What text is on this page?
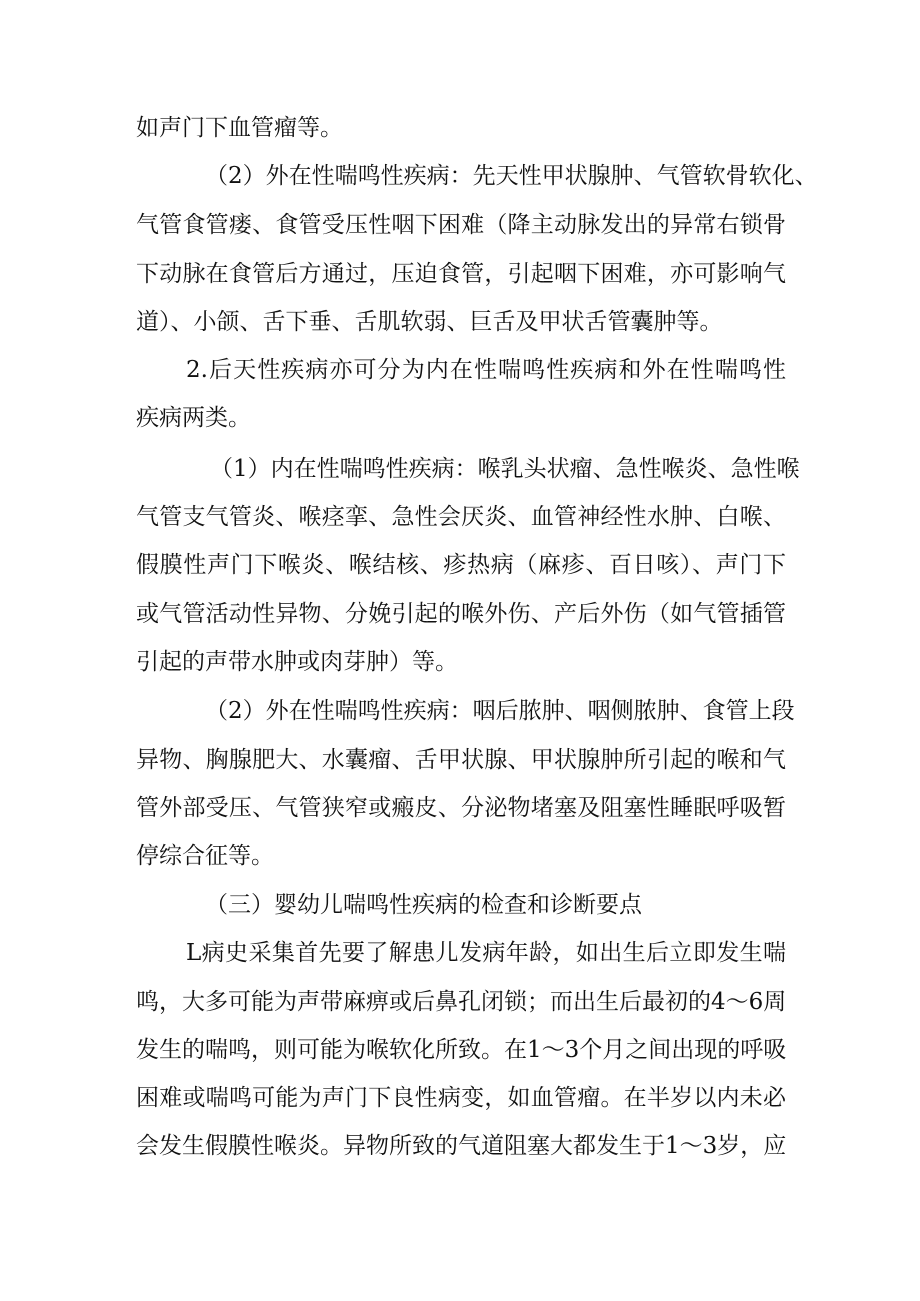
如声门下血管瘤等。
（2）外在性喘鸣性疾病：先天性甲状腺肿、气管软骨软化、
气管食管瘘、食管受压性咽下困难（降主动脉发出的异常右锁骨
下动脉在食管后方通过，压迫食管，引起咽下困难，亦可影响气
道）、小颌、舌下垂、舌肌软弱、巨舌及甲状舌管囊肿等。
2.后天性疾病亦可分为内在性喘鸣性疾病和外在性喘鸣性
疾病两类。
（1）内在性喘鸣性疾病：喉乳头状瘤、急性喉炎、急性喉
气管支气管炎、喉痉挛、急性会厌炎、血管神经性水肿、白喉、
假膜性声门下喉炎、喉结核、疹热病（麻疹、百日咳）、声门下
或气管活动性异物、分娩引起的喉外伤、产后外伤（如气管插管
引起的声带水肿或肉芽肿）等。
（2）外在性喘鸣性疾病：咽后脓肿、咽侧脓肿、食管上段
异物、胸腺肥大、水囊瘤、舌甲状腺、甲状腺肿所引起的喉和气
管外部受压、气管狭窄或瘢皮、分泌物堵塞及阻塞性睡眠呼吸暂
停综合征等。
（三）婴幼儿喘鸣性疾病的检查和诊断要点
L病史采集首先要了解患儿发病年龄，如出生后立即发生喘
鸣，大多可能为声带麻痹或后鼻孔闭锁；而出生后最初的4～6周
发生的喘鸣，则可能为喉软化所致。在1～3个月之间出现的呼吸
困难或喘鸣可能为声门下良性病变，如血管瘤。在半岁以内未必
会发生假膜性喉炎。异物所致的气道阻塞大都发生于1～3岁，应
